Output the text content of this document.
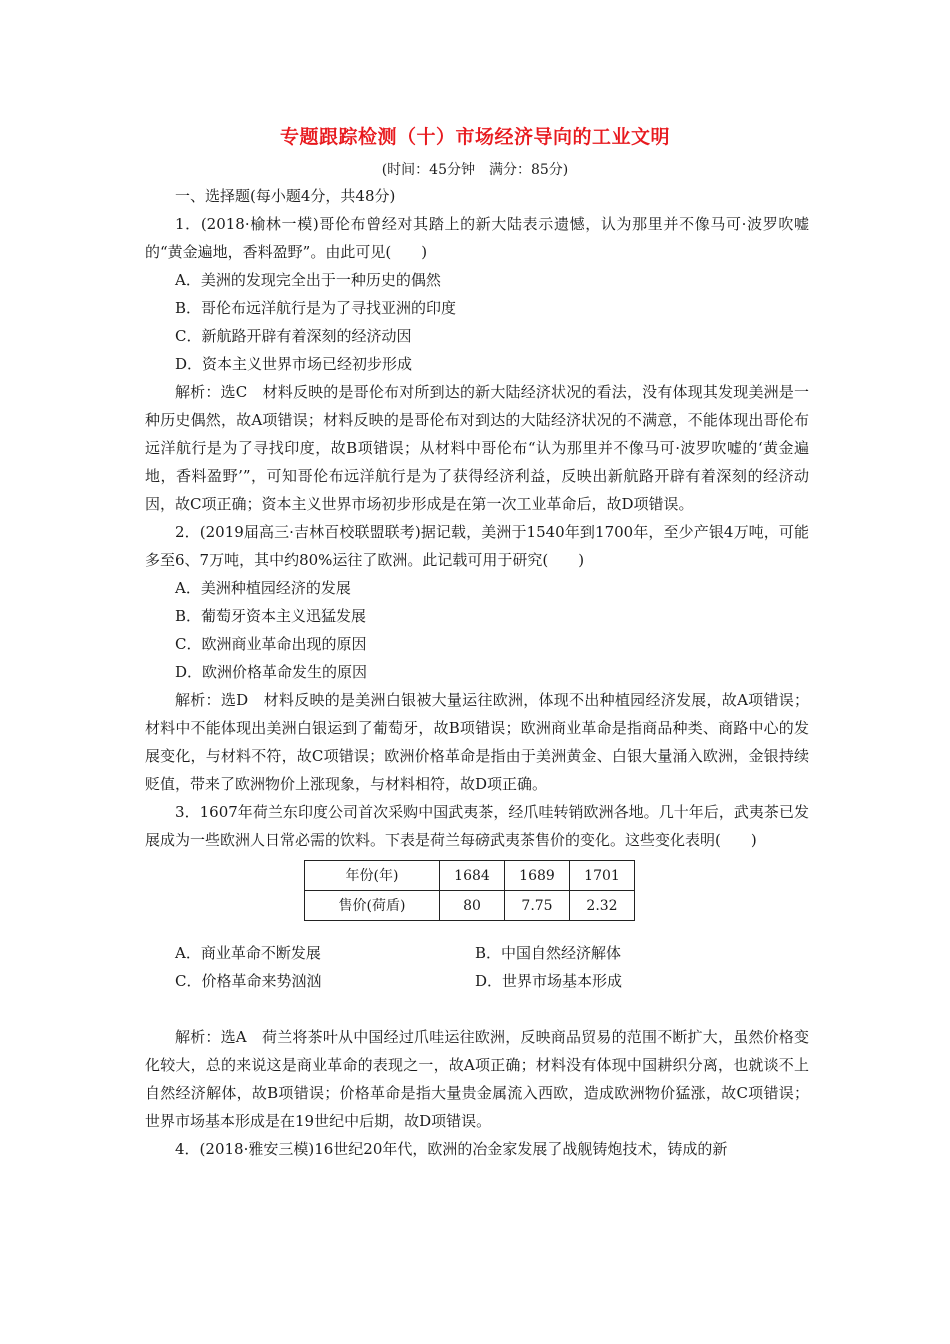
专题跟踪检测（十）市场经济导向的工业文明
(时间：45分钟　满分：85分)

一、选择题(每小题4分，共48分)

1．(2018·榆林一模)哥伦布曾经对其踏上的新大陆表示遗憾，认为那里并不像马可·波罗吹嘘的“黄金遍地，香料盈野”。由此可见(　　)

A．美洲的发现完全出于一种历史的偶然

B．哥伦布远洋航行是为了寻找亚洲的印度

C．新航路开辟有着深刻的经济动因

D．资本主义世界市场已经初步形成

解析：选C　材料反映的是哥伦布对所到达的新大陆经济状况的看法，没有体现其发现美洲是一种历史偶然，故A项错误；材料反映的是哥伦布对到达的大陆经济状况的不满意，不能体现出哥伦布远洋航行是为了寻找印度，故B项错误；从材料中哥伦布“认为那里并不像马可·波罗吹嘘的‘黄金遍地，香料盈野’”，可知哥伦布远洋航行是为了获得经济利益，反映出新航路开辟有着深刻的经济动因，故C项正确；资本主义世界市场初步形成是在第一次工业革命后，故D项错误。

2．(2019届高三·吉林百校联盟联考)据记载，美洲于1540年到1700年，至少产银4万吨，可能多至6、7万吨，其中约80%运往了欧洲。此记载可用于研究(　　)

A．美洲种植园经济的发展

B．葡萄牙资本主义迅猛发展

C．欧洲商业革命出现的原因

D．欧洲价格革命发生的原因

解析：选D　材料反映的是美洲白银被大量运往欧洲，体现不出种植园经济发展，故A项错误；材料中不能体现出美洲白银运到了葡萄牙，故B项错误；欧洲商业革命是指商品种类、商路中心的发展变化，与材料不符，故C项错误；欧洲价格革命是指由于美洲黄金、白银大量涌入欧洲，金银持续贬值，带来了欧洲物价上涨现象，与材料相符，故D项正确。

3．1607年荷兰东印度公司首次采购中国武夷茶，经爪哇转销欧洲各地。几十年后，武夷茶已发展成为一些欧洲人日常必需的饮料。下表是荷兰每磅武夷茶售价的变化。这些变化表明(　　)

年份(年)	1684	1689	1701
售价(荷盾)	80	7.75	2.32
A．商业革命不断发展	B．中国自然经济解体
C．价格革命来势汹汹	D．世界市场基本形成

解析：选A　荷兰将茶叶从中国经过爪哇运往欧洲，反映商品贸易的范围不断扩大，虽然价格变化较大，总的来说这是商业革命的表现之一，故A项正确；材料没有体现中国耕织分离，也就谈不上自然经济解体，故B项错误；价格革命是指大量贵金属流入西欧，造成欧洲物价猛涨，故C项错误；世界市场基本形成是在19世纪中后期，故D项错误。

4．(2018·雅安三模)16世纪20年代，欧洲的冶金家发展了战舰铸炮技术，铸成的新
